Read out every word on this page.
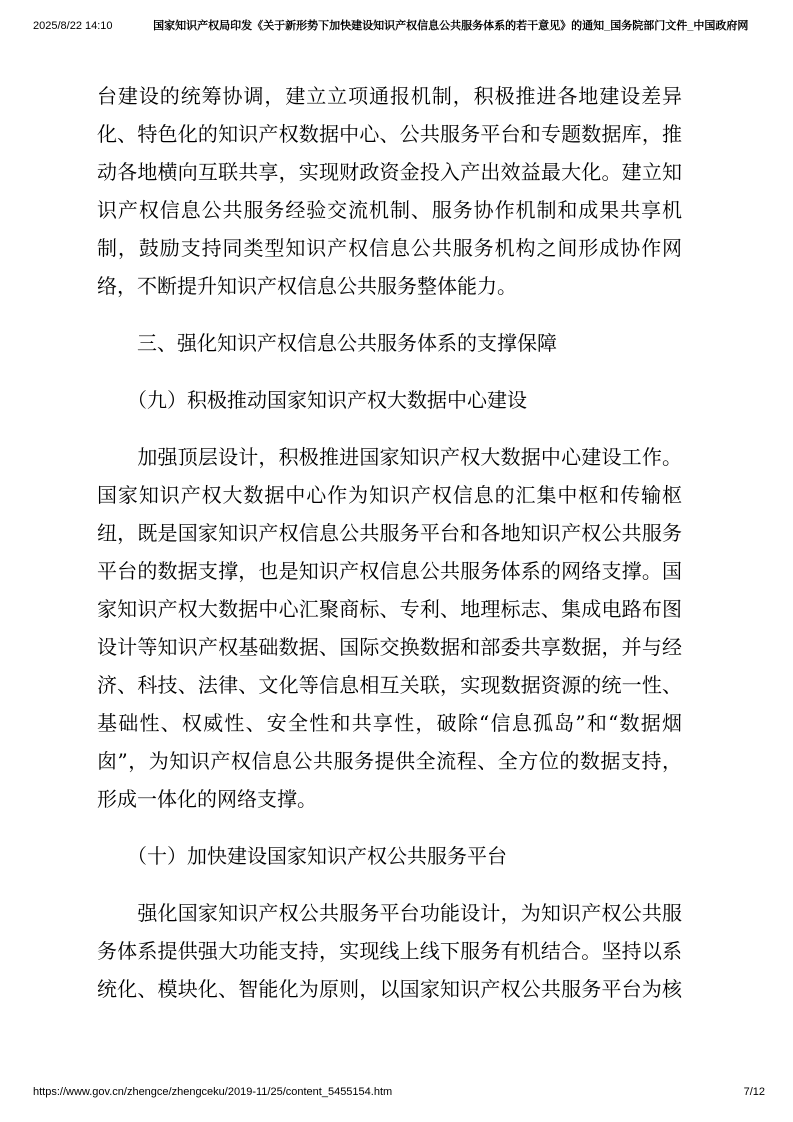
2025/8/22 14:10	国家知识产权局印发《关于新形势下加快建设知识产权信息公共服务体系的若干意见》的通知_国务院部门文件_中国政府网
台建设的统筹协调，建立立项通报机制，积极推进各地建设差异
化、特色化的知识产权数据中心、公共服务平台和专题数据库，推
动各地横向互联共享，实现财政资金投入产出效益最大化。建立知
识产权信息公共服务经验交流机制、服务协作机制和成果共享机
制，鼓励支持同类型知识产权信息公共服务机构之间形成协作网
络，不断提升知识产权信息公共服务整体能力。
　　三、强化知识产权信息公共服务体系的支撑保障
　　（九）积极推动国家知识产权大数据中心建设
　　加强顶层设计，积极推进国家知识产权大数据中心建设工作。
国家知识产权大数据中心作为知识产权信息的汇集中枢和传输枢
纽，既是国家知识产权信息公共服务平台和各地知识产权公共服务
平台的数据支撑，也是知识产权信息公共服务体系的网络支撑。国
家知识产权大数据中心汇聚商标、专利、地理标志、集成电路布图
设计等知识产权基础数据、国际交换数据和部委共享数据，并与经
济、科技、法律、文化等信息相互关联，实现数据资源的统一性、
基础性、权威性、安全性和共享性，破除“信息孤岛”和“数据烟
囱”，为知识产权信息公共服务提供全流程、全方位的数据支持，
形成一体化的网络支撑。
　　（十）加快建设国家知识产权公共服务平台
　　强化国家知识产权公共服务平台功能设计，为知识产权公共服
务体系提供强大功能支持，实现线上线下服务有机结合。坚持以系
统化、模块化、智能化为原则，以国家知识产权公共服务平台为核
https://www.gov.cn/zhengce/zhengceku/2019-11/25/content_5455154.htm	7/12
